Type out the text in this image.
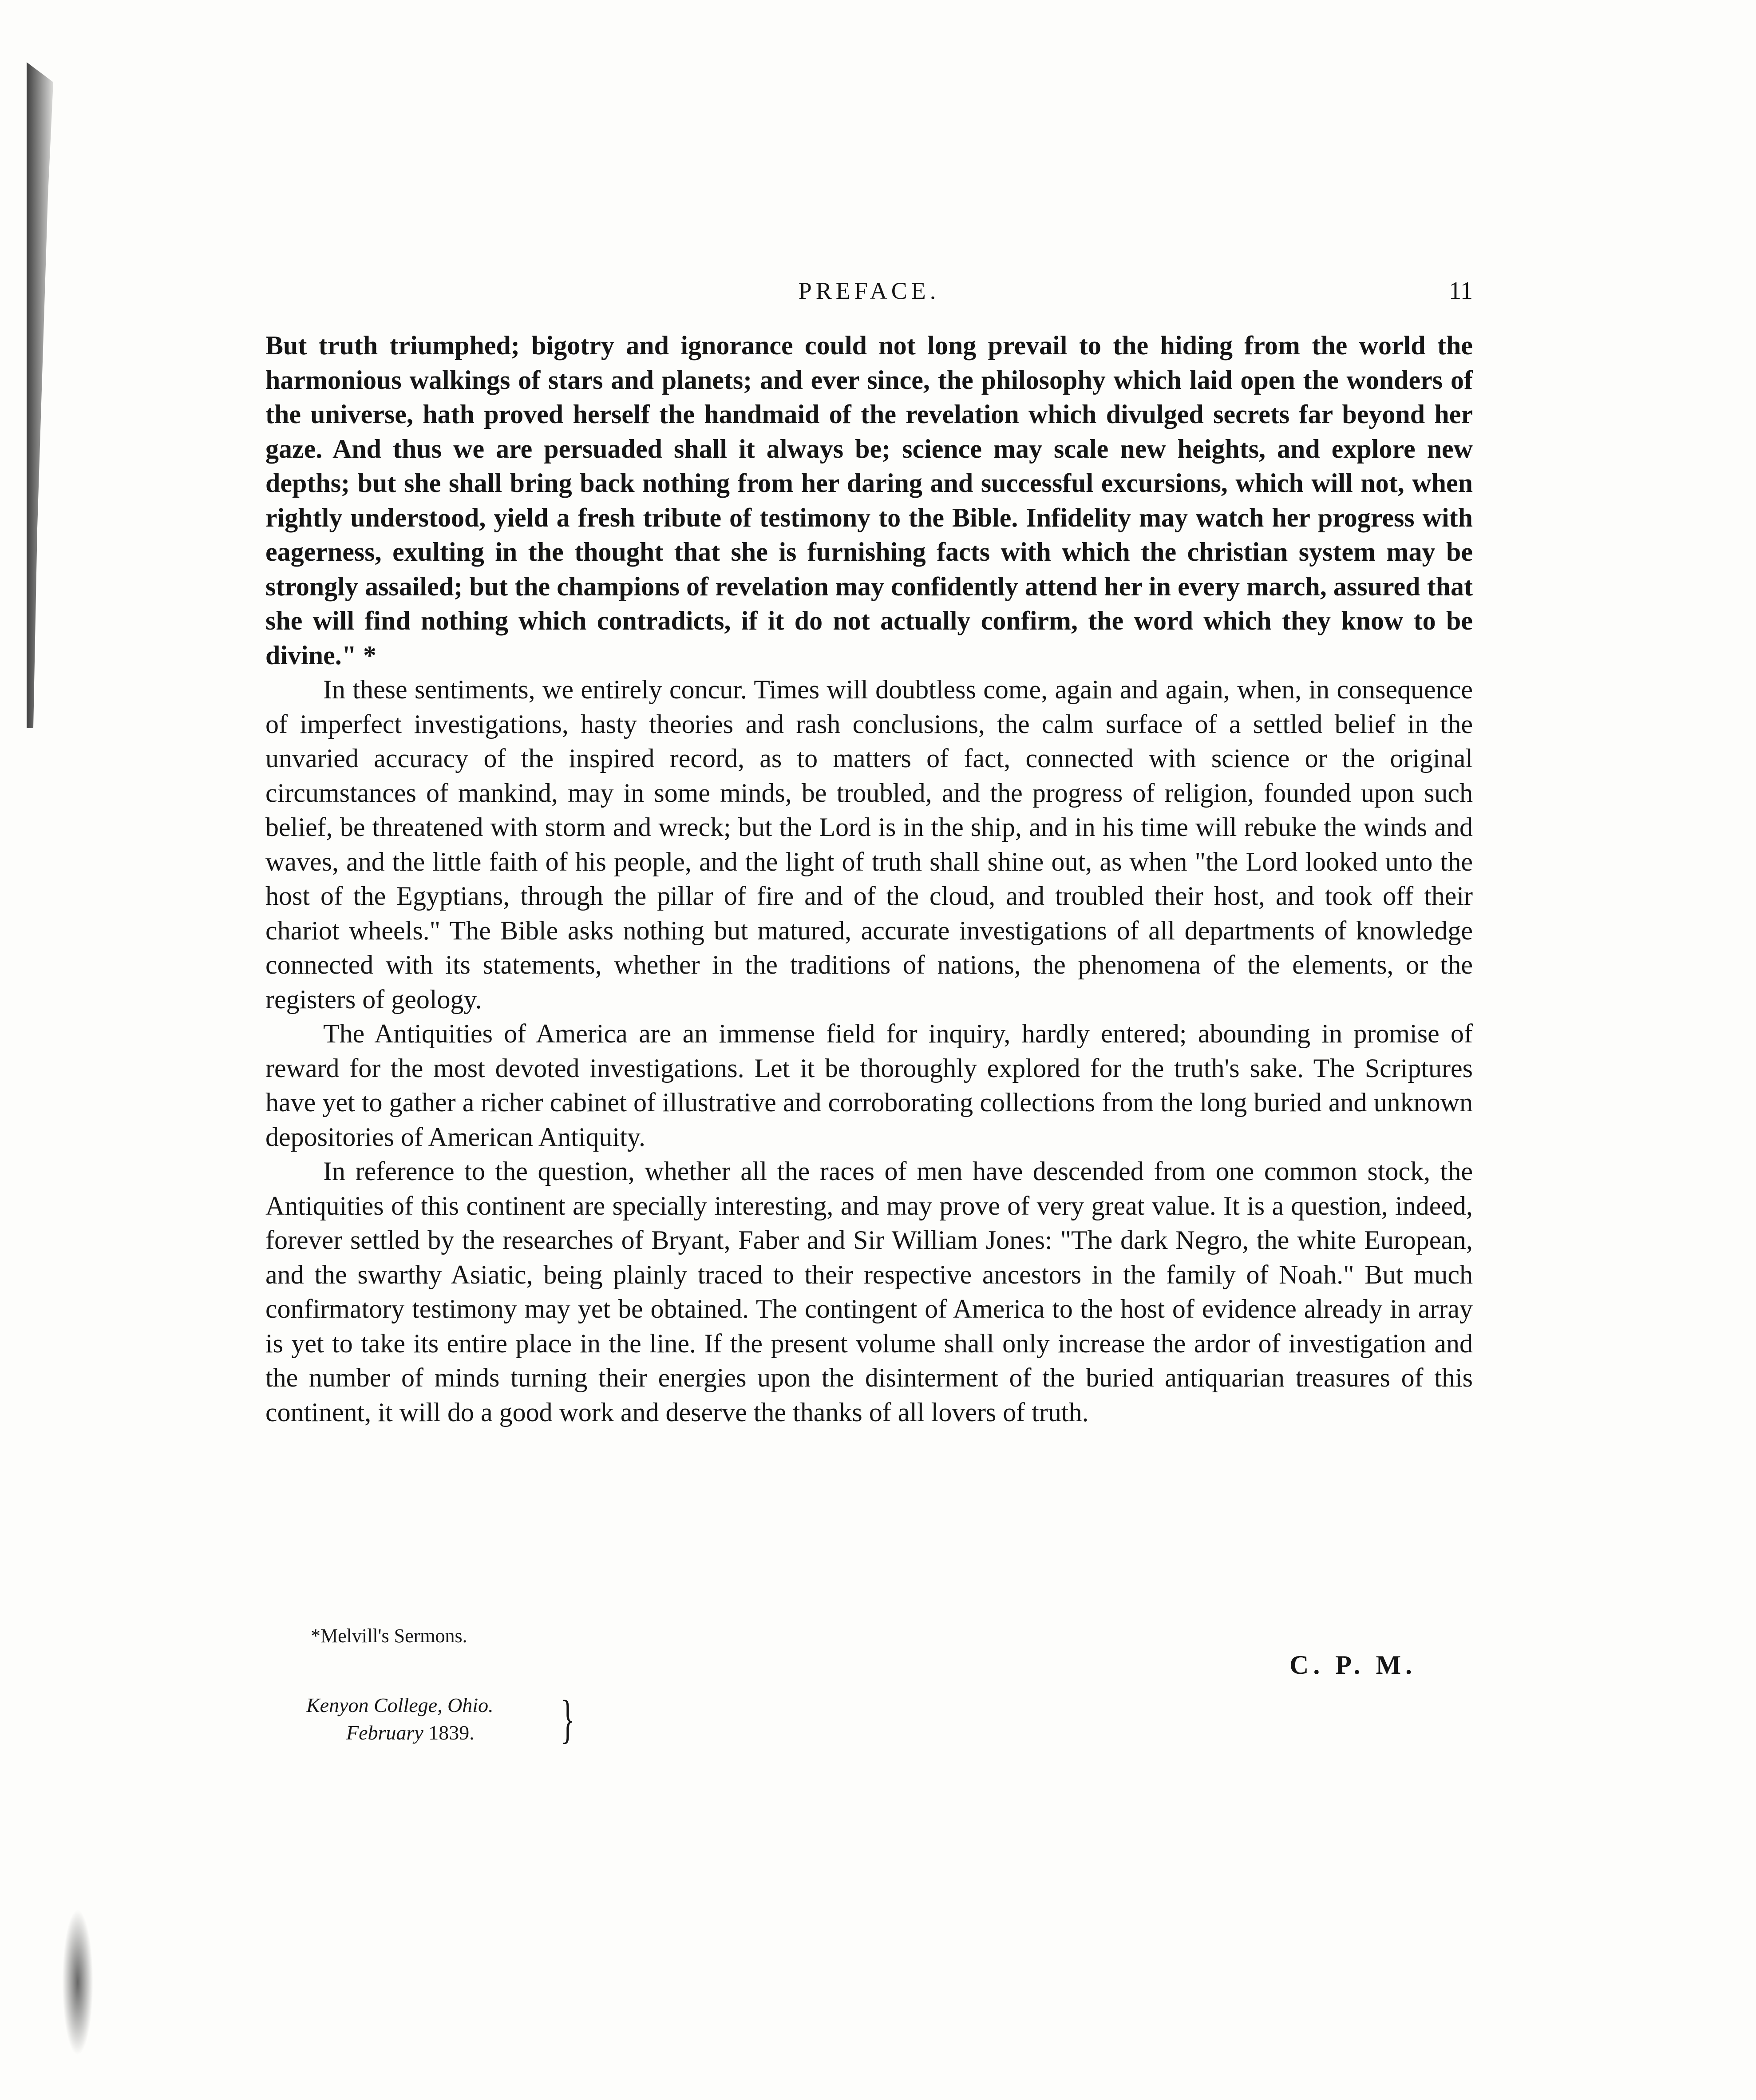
PREFACE.	11

But truth triumphed; bigotry and ignorance could not long prevail to the hiding from the world the harmonious walkings of stars and planets; and ever since, the philosophy which laid open the wonders of the universe, hath proved herself the handmaid of the revelation which divulged secrets far beyond her gaze. And thus we are persuaded shall it always be; science may scale new heights, and explore new depths; but she shall bring back nothing from her daring and successful excursions, which will not, when rightly understood, yield a fresh tribute of testimony to the Bible. Infidelity may watch her progress with eagerness, exulting in the thought that she is furnishing facts with which the christian system may be strongly assailed; but the champions of revelation may confidently attend her in every march, assured that she will find nothing which contradicts, if it do not actually confirm, the word which they know to be divine." *

In these sentiments, we entirely concur. Times will doubtless come, again and again, when, in consequence of imperfect investigations, hasty theories and rash conclusions, the calm surface of a settled belief in the unvaried accuracy of the inspired record, as to matters of fact, connected with science or the original circumstances of mankind, may in some minds, be troubled, and the progress of religion, founded upon such belief, be threatened with storm and wreck; but the Lord is in the ship, and in his time will rebuke the winds and waves, and the little faith of his people, and the light of truth shall shine out, as when "the Lord looked unto the host of the Egyptians, through the pillar of fire and of the cloud, and troubled their host, and took off their chariot wheels." The Bible asks nothing but matured, accurate investigations of all departments of knowledge connected with its statements, whether in the traditions of nations, the phenomena of the elements, or the registers of geology.

The Antiquities of America are an immense field for inquiry, hardly entered; abounding in promise of reward for the most devoted investigations. Let it be thoroughly explored for the truth's sake. The Scriptures have yet to gather a richer cabinet of illustrative and corroborating collections from the long buried and unknown depositories of American Antiquity.

In reference to the question, whether all the races of men have descended from one common stock, the Antiquities of this continent are specially interesting, and may prove of very great value. It is a question, indeed, forever settled by the researches of Bryant, Faber and Sir William Jones: "The dark Negro, the white European, and the swarthy Asiatic, being plainly traced to their respective ancestors in the family of Noah." But much confirmatory testimony may yet be obtained. The contingent of America to the host of evidence already in array is yet to take its entire place in the line. If the present volume shall only increase the ardor of investigation and the number of minds turning their energies upon the disinterment of the buried antiquarian treasures of this continent, it will do a good work and deserve the thanks of all lovers of truth.

*Melvill's Sermons.
C. P. M.
Kenyon College, Ohio.
February 1839. }
